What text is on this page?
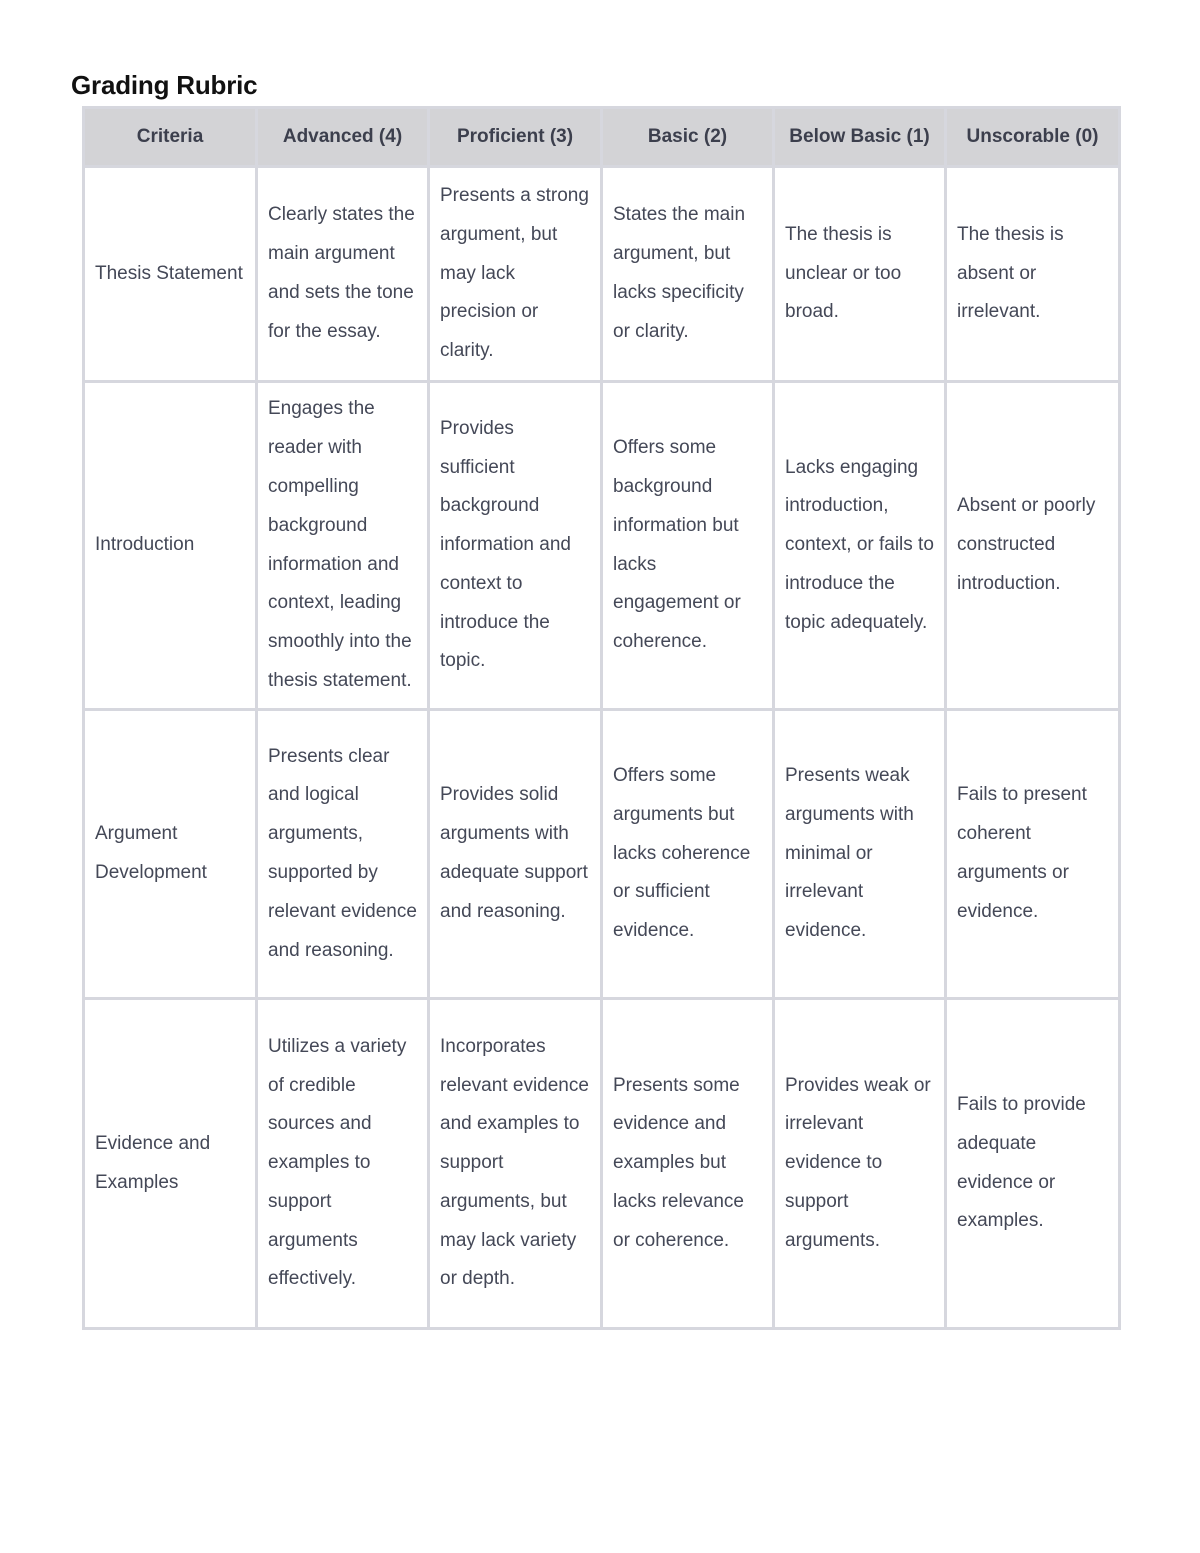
Grading Rubric
Criteria	Advanced (4)	Proficient (3)	Basic (2)	Below Basic (1)	Unscorable (0)
Thesis Statement	Clearly states the main argument and sets the tone for the essay.	Presents a strong argument, but may lack precision or clarity.	States the main argument, but lacks specificity or clarity.	The thesis is unclear or too broad.	The thesis is absent or irrelevant.
Introduction	Engages the reader with compelling background information and context, leading smoothly into the thesis statement.	Provides sufficient background information and context to introduce the topic.	Offers some background information but lacks engagement or coherence.	Lacks engaging introduction, context, or fails to introduce the topic adequately.	Absent or poorly constructed introduction.
Argument Development	Presents clear and logical arguments, supported by relevant evidence and reasoning.	Provides solid arguments with adequate support and reasoning.	Offers some arguments but lacks coherence or sufficient evidence.	Presents weak arguments with minimal or irrelevant evidence.	Fails to present coherent arguments or evidence.
Evidence and Examples	Utilizes a variety of credible sources and examples to support arguments effectively.	Incorporates relevant evidence and examples to support arguments, but may lack variety or depth.	Presents some evidence and examples but lacks relevance or coherence.	Provides weak or irrelevant evidence to support arguments.	Fails to provide adequate evidence or examples.
